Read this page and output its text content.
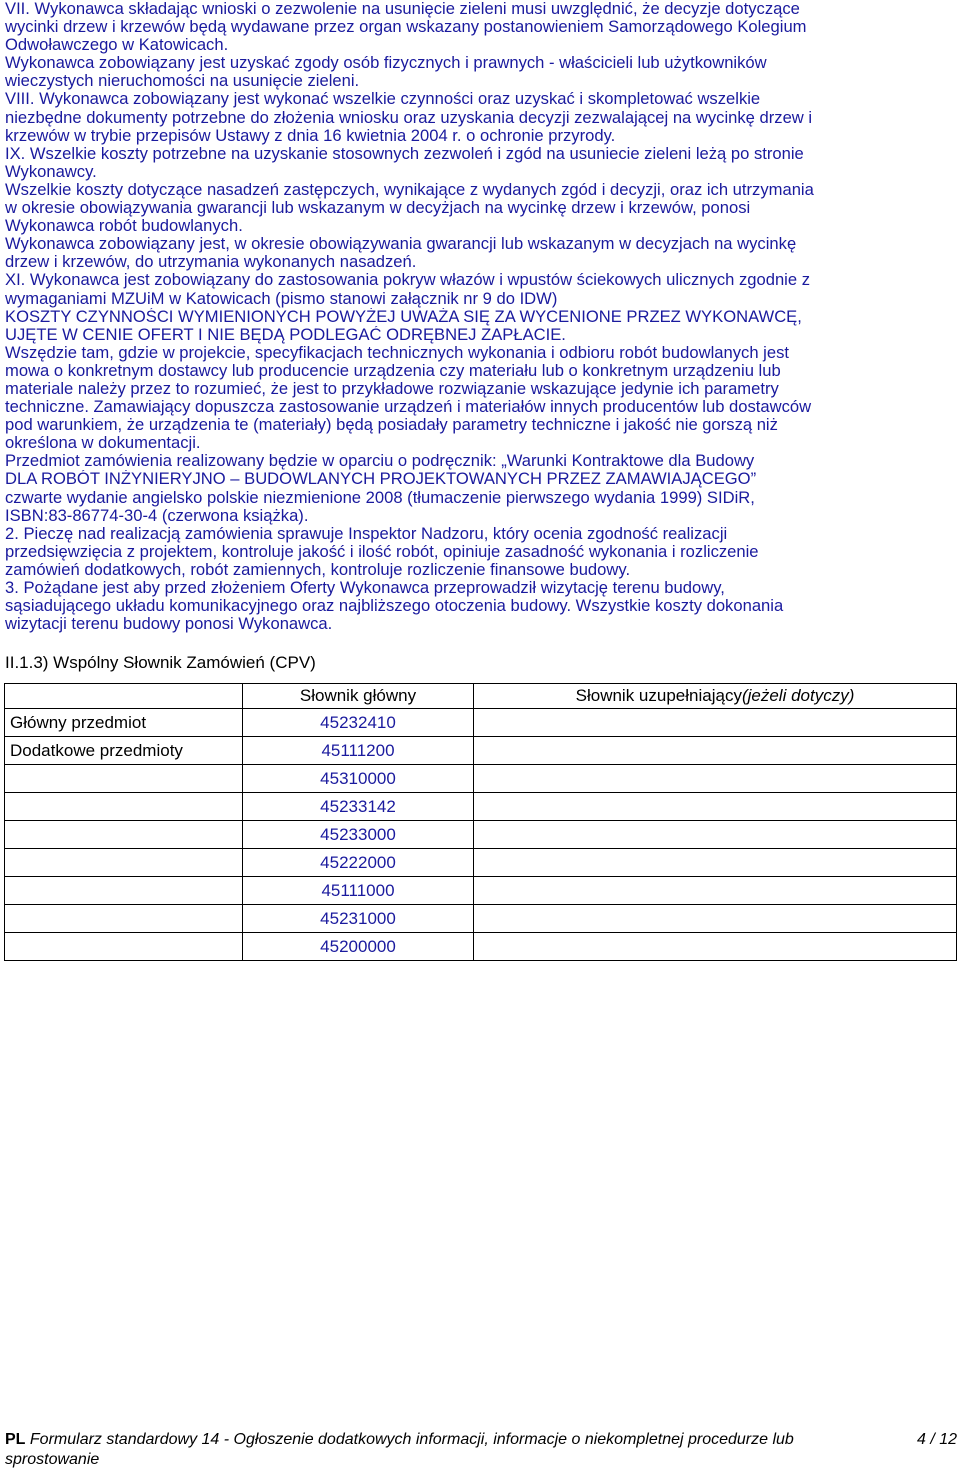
VII. Wykonawca składając wnioski o zezwolenie na usunięcie zieleni musi uwzględnić, że decyzje dotyczące
wycinki drzew i krzewów będą wydawane przez organ wskazany postanowieniem Samorządowego Kolegium
Odwoławczego w Katowicach.
Wykonawca zobowiązany jest uzyskać zgody osób fizycznych i prawnych - właścicieli lub użytkowników
wieczystych nieruchomości na usunięcie zieleni.
VIII. Wykonawca zobowiązany jest wykonać wszelkie czynności oraz uzyskać i skompletować wszelkie
niezbędne dokumenty potrzebne do złożenia wniosku oraz uzyskania decyzji zezwalającej na wycinkę drzew i
krzewów w trybie przepisów Ustawy z dnia 16 kwietnia 2004 r. o ochronie przyrody.
IX. Wszelkie koszty potrzebne na uzyskanie stosownych zezwoleń i zgód na usuniecie zieleni leżą po stronie
Wykonawcy.
Wszelkie koszty dotyczące nasadzeń zastępczych, wynikające z wydanych zgód i decyzji, oraz ich utrzymania
w okresie obowiązywania gwarancji lub wskazanym w decyżjach na wycinkę drzew i krzewów, ponosi
Wykonawca robót budowlanych.
Wykonawca zobowiązany jest, w okresie obowiązywania gwarancji lub wskazanym w decyzjach na wycinkę
drzew i krzewów, do utrzymania wykonanych nasadzeń.
XI. Wykonawca jest zobowiązany do zastosowania pokryw włazów i wpustów ściekowych ulicznych zgodnie z
wymaganiami MZUiM w Katowicach (pismo stanowi załącznik nr 9 do IDW)
KOSZTY CZYNNOŚCI WYMIENIONYCH POWYŻEJ UWAŻA SIĘ ZA WYCENIONE PRZEZ WYKONAWCĘ,
UJĘTE W CENIE OFERT I NIE BĘDĄ PODLEGAĆ ODRĘBNEJ ZAPŁACIE.
Wszędzie tam, gdzie w projekcie, specyfikacjach technicznych wykonania i odbioru robót budowlanych jest
mowa o konkretnym dostawcy lub producencie urządzenia czy materiału lub o konkretnym urządzeniu lub
materiale należy przez to rozumieć, że jest to przykładowe rozwiązanie wskazujące jedynie ich parametry
techniczne. Zamawiający dopuszcza zastosowanie urządzeń i materiałów innych producentów lub dostawców
pod warunkiem, że urządzenia te (materiały) będą posiadały parametry techniczne i jakość nie gorszą niż
określona w dokumentacji.
Przedmiot zamówienia realizowany będzie w oparciu o podręcznik: „Warunki Kontraktowe dla Budowy
DLA ROBÓT INŻYNIERYJNO – BUDOWLANYCH PROJEKTOWANYCH PRZEZ ZAMAWIAJĄCEGO”
czwarte wydanie angielsko polskie niezmienione 2008 (tłumaczenie pierwszego wydania 1999) SIDiR,
ISBN:83-86774-30-4 (czerwona książka).
2. Pieczę nad realizacją zamówienia sprawuje Inspektor Nadzoru, który ocenia zgodność realizacji
przedsięwzięcia z projektem, kontroluje jakość i ilość robót, opiniuje zasadność wykonania i rozliczenie
zamówień dodatkowych, robót zamiennych, kontroluje rozliczenie finansowe budowy.
3. Pożądane jest aby przed złożeniem Oferty Wykonawca przeprowadził wizytację terenu budowy,
sąsiadującego układu komunikacyjnego oraz najbliższego otoczenia budowy. Wszystkie koszty dokonania
wizytacji terenu budowy ponosi Wykonawca.
II.1.3) Wspólny Słownik Zamówień (CPV)
	Słownik główny	Słownik uzupełniający(jeżeli dotyczy)
Główny przedmiot	45232410	
Dodatkowe przedmioty	45111200	
	45310000	
	45233142	
	45233000	
	45222000	
	45111000	
	45231000	
	45200000	
PL Formularz standardowy 14 - Ogłoszenie dodatkowych informacji, informacje o niekompletnej procedurze lub
sprostowanie
4 / 12
